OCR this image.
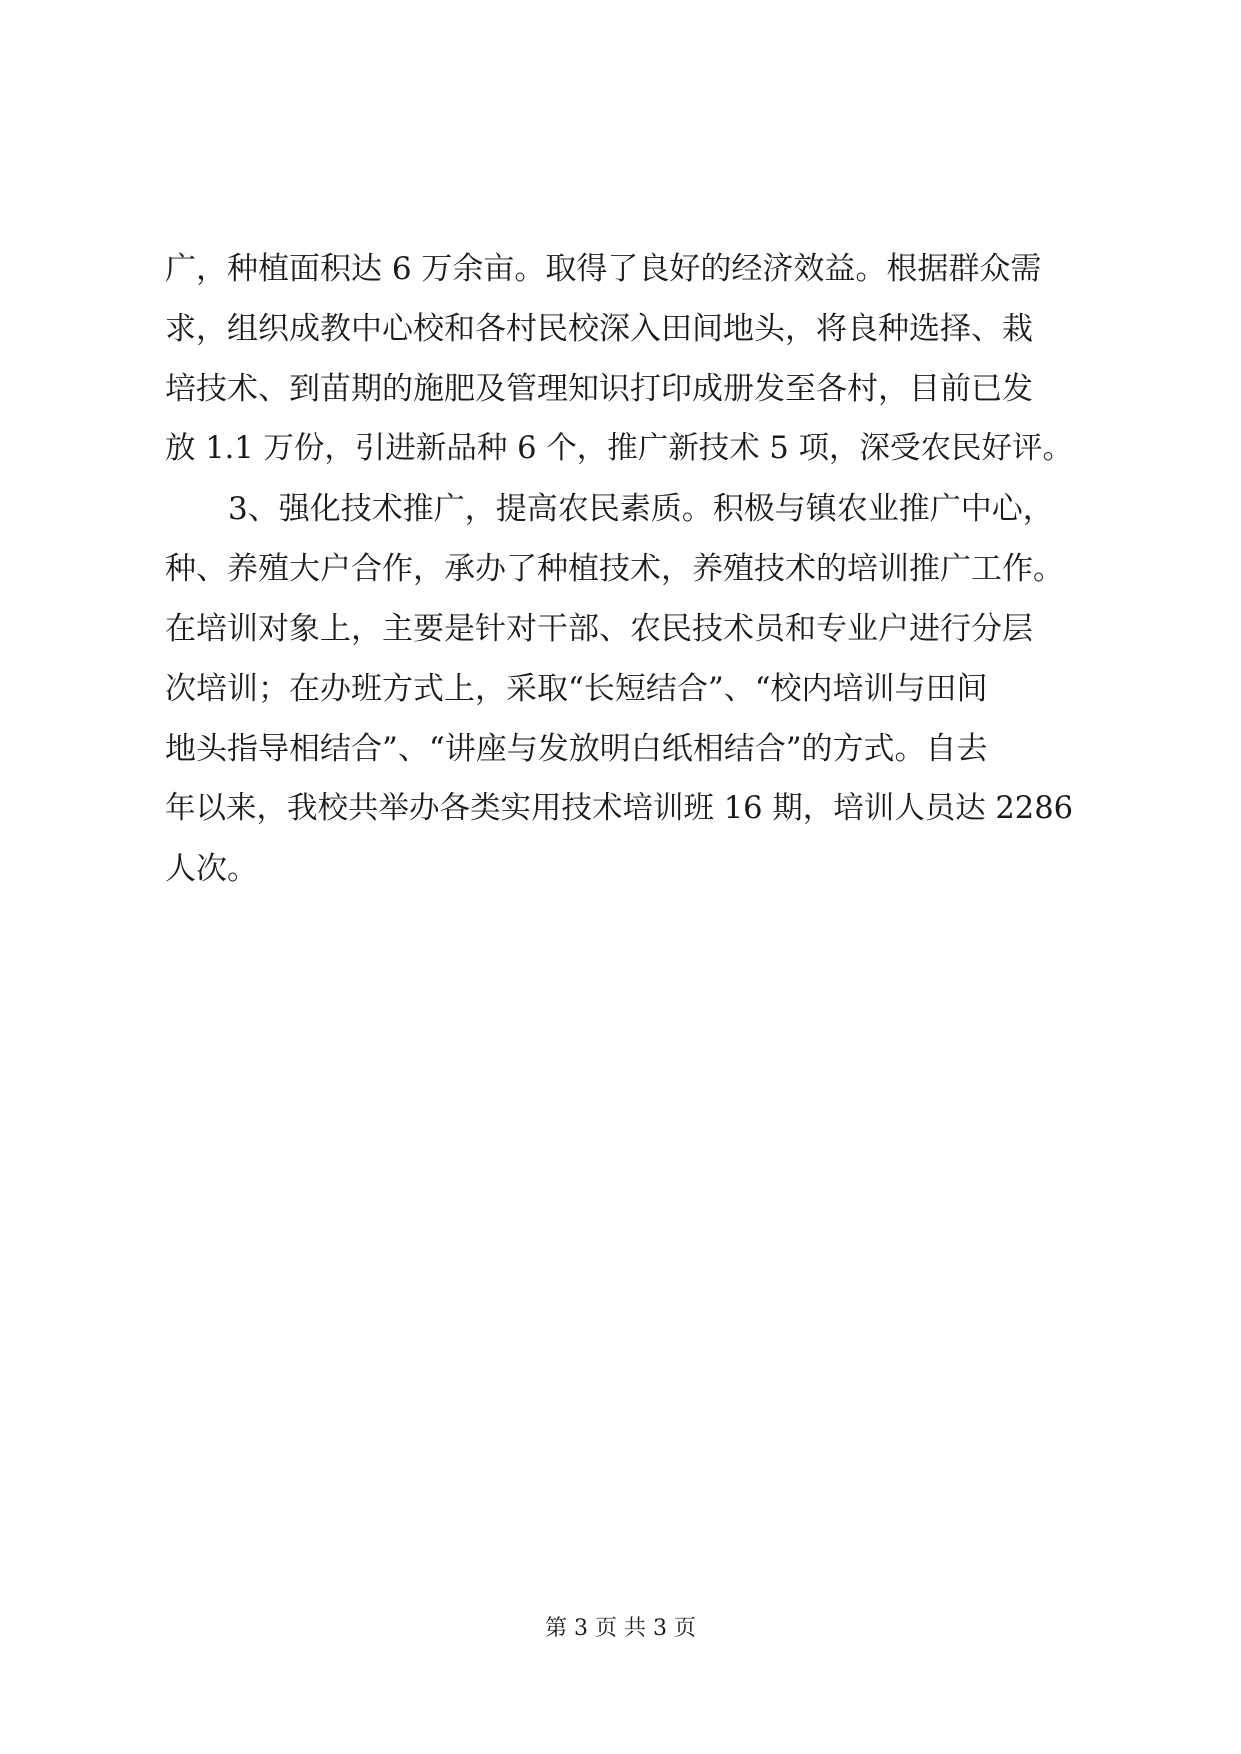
广，种植面积达 6 万余亩。取得了良好的经济效益。根据群众需
求，组织成教中心校和各村民校深入田间地头，将良种选择、栽
培技术、到苗期的施肥及管理知识打印成册发至各村，目前已发
放 1.1 万份，引进新品种 6 个，推广新技术 5 项，深受农民好评。
3、强化技术推广，提高农民素质。积极与镇农业推广中心，
种、养殖大户合作，承办了种植技术，养殖技术的培训推广工作。
在培训对象上，主要是针对干部、农民技术员和专业户进行分层
次培训；在办班方式上，采取“长短结合”、“校内培训与田间
地头指导相结合”、“讲座与发放明白纸相结合”的方式。自去
年以来，我校共举办各类实用技术培训班 16 期，培训人员达 2286
人次。
第 3 页 共 3 页
